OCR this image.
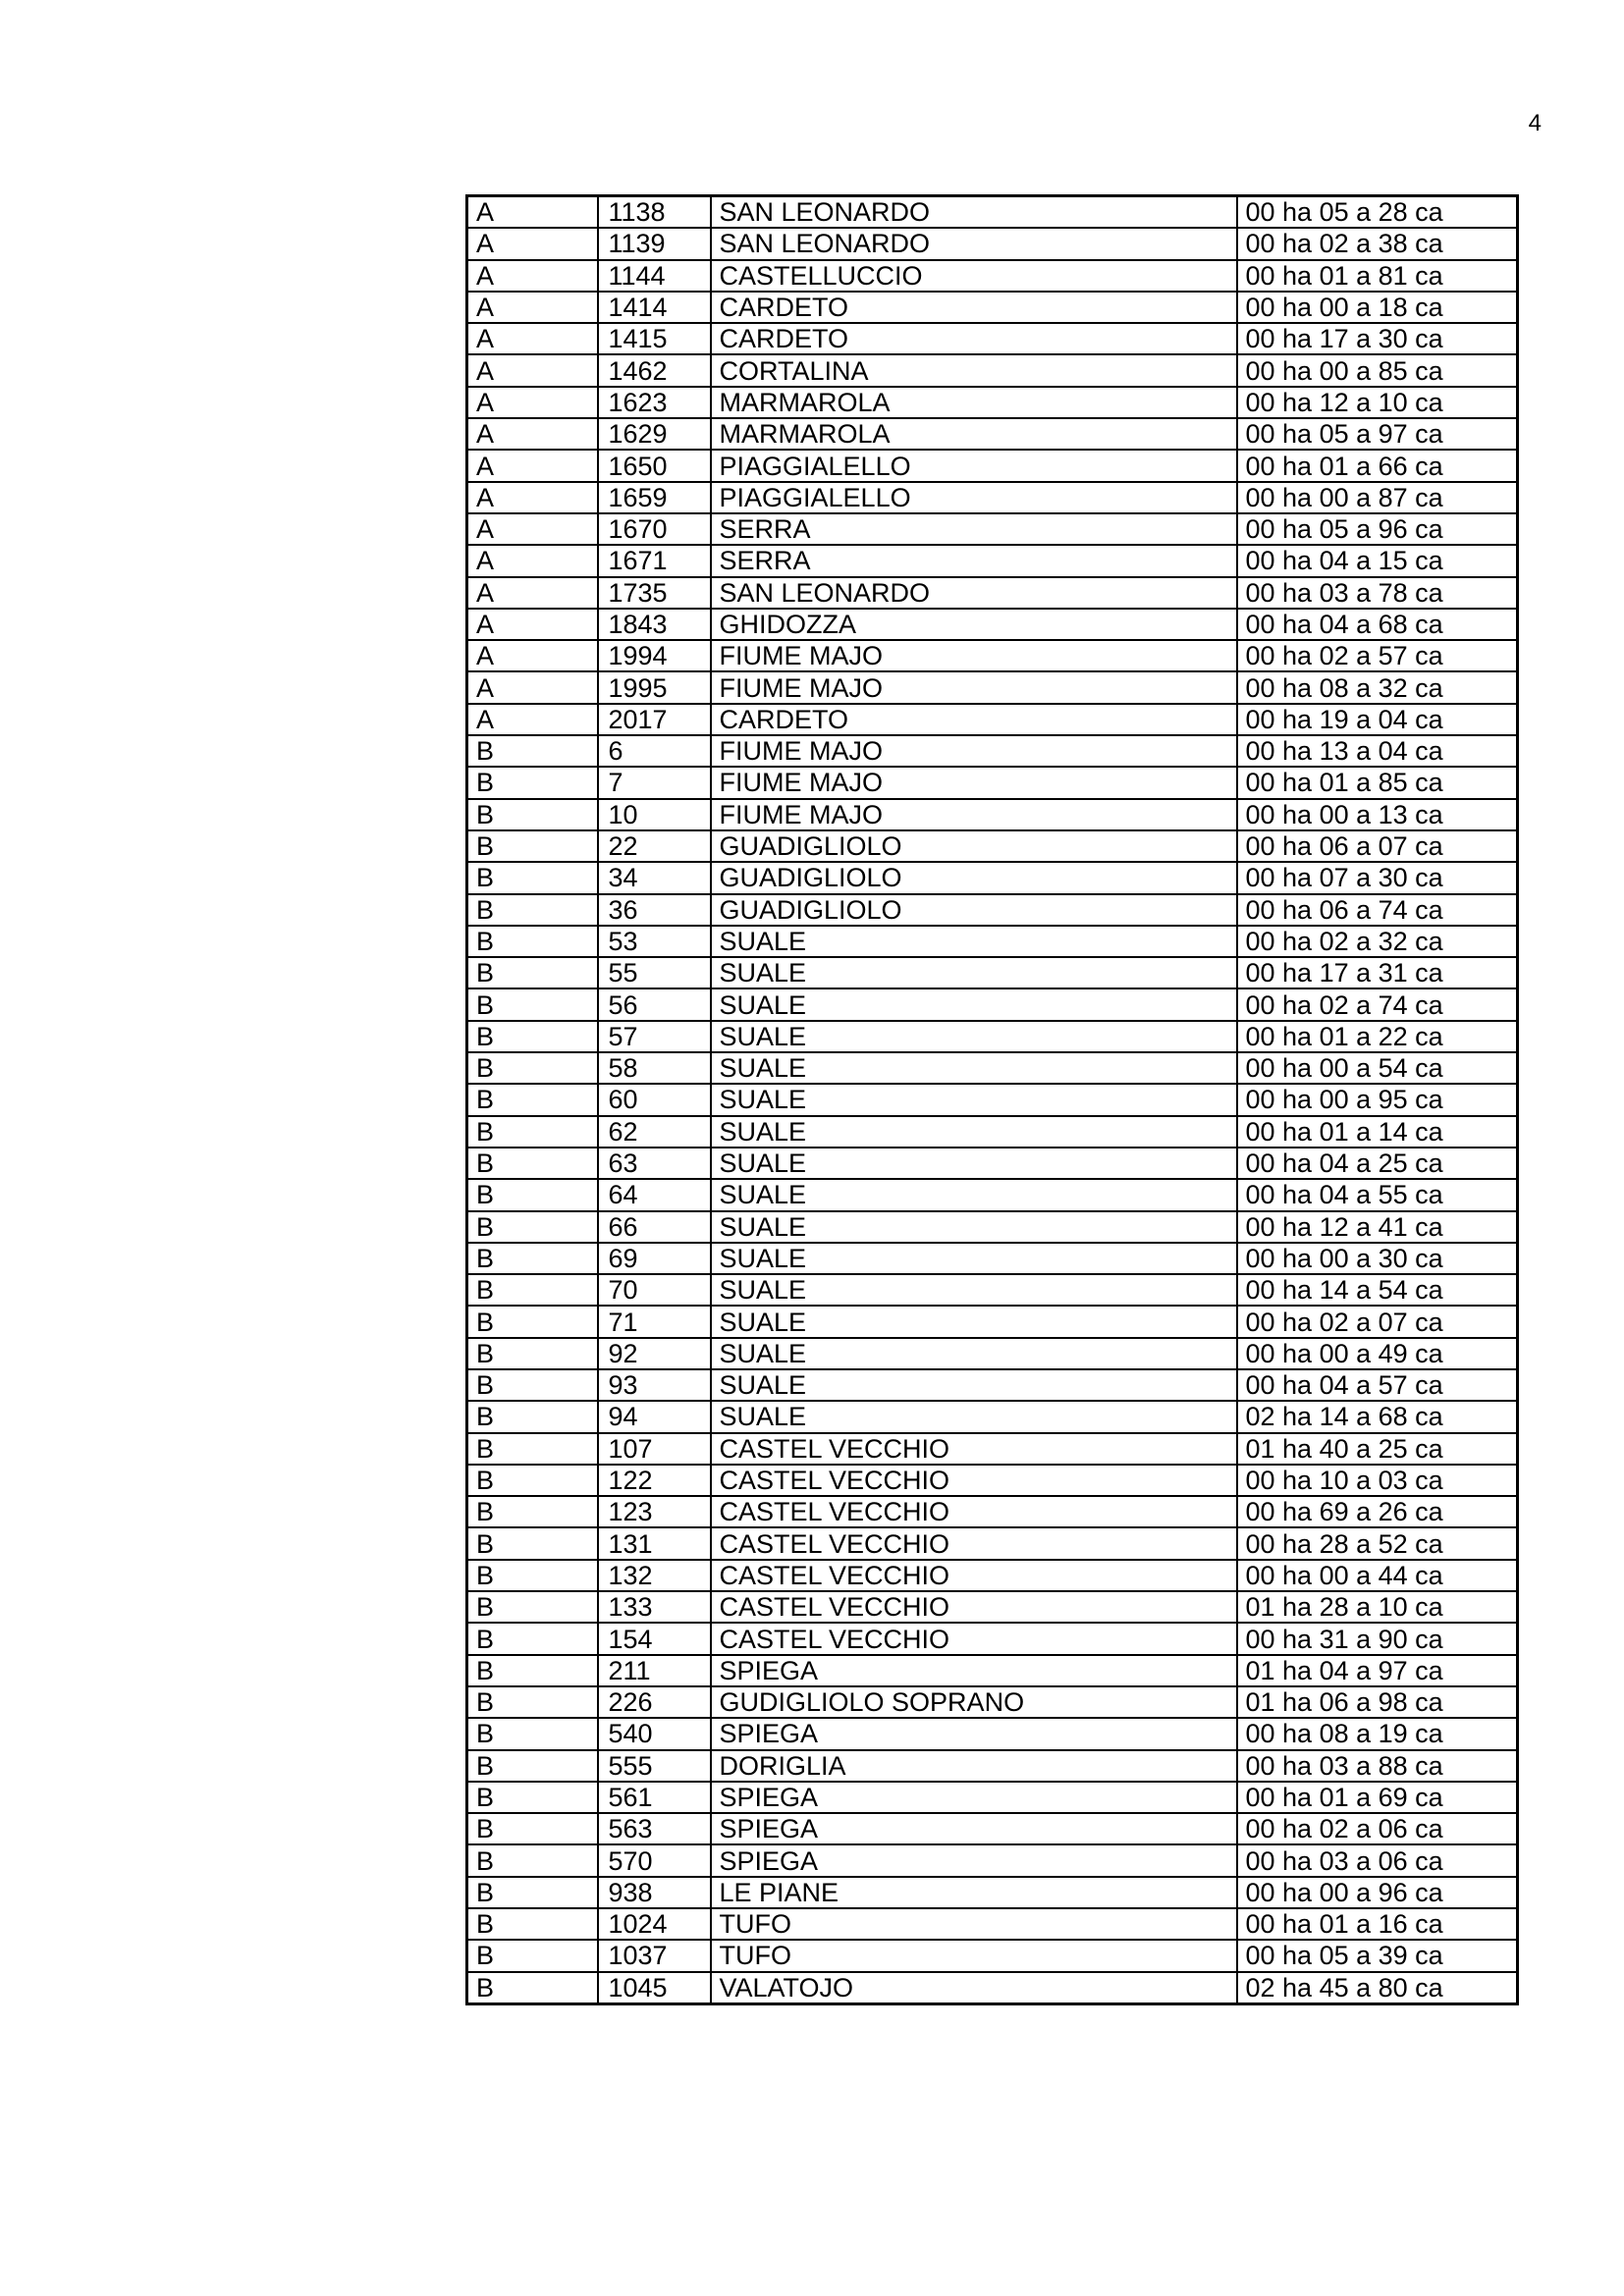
4
A	1138	SAN LEONARDO	00 ha 05 a 28 ca
A	1139	SAN LEONARDO	00 ha 02 a 38 ca
A	1144	CASTELLUCCIO	00 ha 01 a 81 ca
A	1414	CARDETO	00 ha 00 a 18 ca
A	1415	CARDETO	00 ha 17 a 30 ca
A	1462	CORTALINA	00 ha 00 a 85 ca
A	1623	MARMAROLA	00 ha 12 a 10 ca
A	1629	MARMAROLA	00 ha 05 a 97 ca
A	1650	PIAGGIALELLO	00 ha 01 a 66 ca
A	1659	PIAGGIALELLO	00 ha 00 a 87 ca
A	1670	SERRA	00 ha 05 a 96 ca
A	1671	SERRA	00 ha 04 a 15 ca
A	1735	SAN LEONARDO	00 ha 03 a 78 ca
A	1843	GHIDOZZA	00 ha 04 a 68 ca
A	1994	FIUME MAJO	00 ha 02 a 57 ca
A	1995	FIUME MAJO	00 ha 08 a 32 ca
A	2017	CARDETO	00 ha 19 a 04 ca
B	6	FIUME MAJO	00 ha 13 a 04 ca
B	7	FIUME MAJO	00 ha 01 a 85 ca
B	10	FIUME MAJO	00 ha 00 a 13 ca
B	22	GUADIGLIOLO	00 ha 06 a 07 ca
B	34	GUADIGLIOLO	00 ha 07 a 30 ca
B	36	GUADIGLIOLO	00 ha 06 a 74 ca
B	53	SUALE	00 ha 02 a 32 ca
B	55	SUALE	00 ha 17 a 31 ca
B	56	SUALE	00 ha 02 a 74 ca
B	57	SUALE	00 ha 01 a 22 ca
B	58	SUALE	00 ha 00 a 54 ca
B	60	SUALE	00 ha 00 a 95 ca
B	62	SUALE	00 ha 01 a 14 ca
B	63	SUALE	00 ha 04 a 25 ca
B	64	SUALE	00 ha 04 a 55 ca
B	66	SUALE	00 ha 12 a 41 ca
B	69	SUALE	00 ha 00 a 30 ca
B	70	SUALE	00 ha 14 a 54 ca
B	71	SUALE	00 ha 02 a 07 ca
B	92	SUALE	00 ha 00 a 49 ca
B	93	SUALE	00 ha 04 a 57 ca
B	94	SUALE	02 ha 14 a 68 ca
B	107	CASTEL VECCHIO	01 ha 40 a 25 ca
B	122	CASTEL VECCHIO	00 ha 10 a 03 ca
B	123	CASTEL VECCHIO	00 ha 69 a 26 ca
B	131	CASTEL VECCHIO	00 ha 28 a 52 ca
B	132	CASTEL VECCHIO	00 ha 00 a 44 ca
B	133	CASTEL VECCHIO	01 ha 28 a 10 ca
B	154	CASTEL VECCHIO	00 ha 31 a 90 ca
B	211	SPIEGA	01 ha 04 a 97 ca
B	226	GUDIGLIOLO SOPRANO	01 ha 06 a 98 ca
B	540	SPIEGA	00 ha 08 a 19 ca
B	555	DORIGLIA	00 ha 03 a 88 ca
B	561	SPIEGA	00 ha 01 a 69 ca
B	563	SPIEGA	00 ha 02 a 06 ca
B	570	SPIEGA	00 ha 03 a 06 ca
B	938	LE PIANE	00 ha 00 a 96 ca
B	1024	TUFO	00 ha 01 a 16 ca
B	1037	TUFO	00 ha 05 a 39 ca
B	1045	VALATOJO	02 ha 45 a 80 ca
